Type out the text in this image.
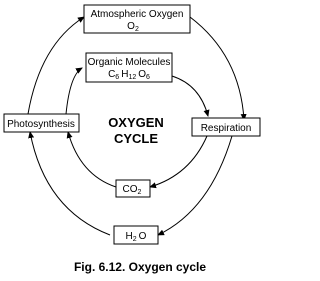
Atmospheric Oxygen
$O_2$
Organic Molecules
$C_6$ $H_{12}$ $O_6$
Photosynthesis	Respiration
OXYGEN
CYCLE
$CO_2$
$H_2$ O
Fig. 6.12. Oxygen cycle
